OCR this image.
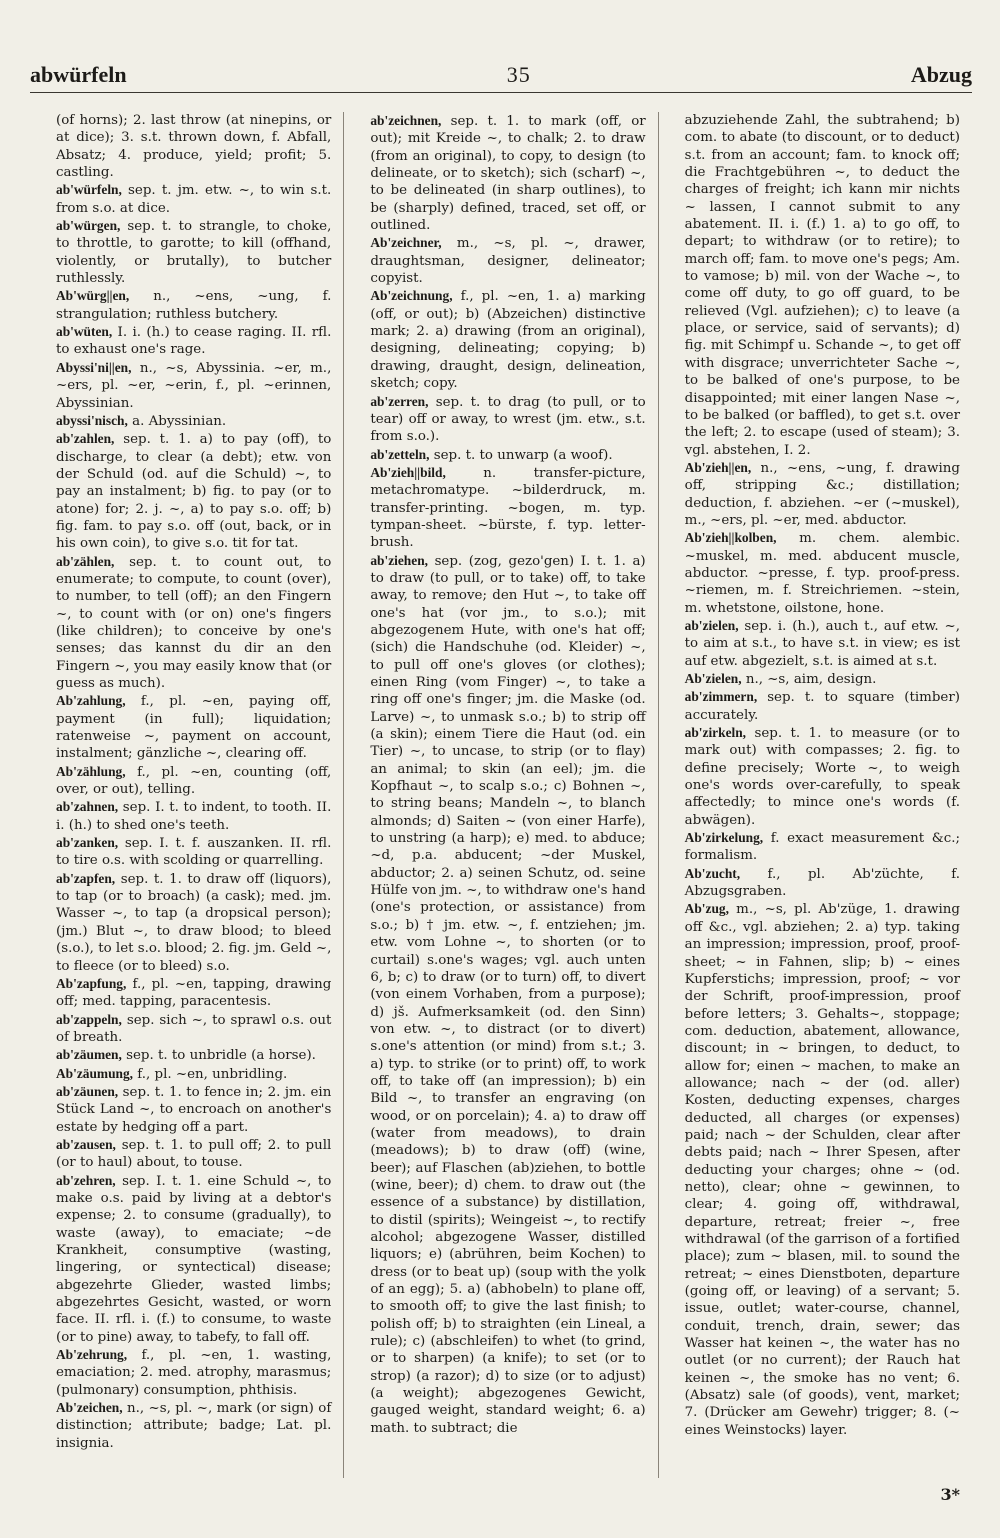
abwürfeln	35	Abzug

(of horns); 2. last throw (at ninepins, or at dice); 3. s.t. thrown down, f. Abfall, Absatz; 4. produce, yield; profit; 5. castling.

ab'würfeln, sep. t. jm. etw. ~, to win s.t. from s.o. at dice.

ab'würgen, sep. t. to strangle, to choke, to throttle, to garotte; to kill (offhand, violently, or brutally), to butcher ruthlessly.

Ab'würg||en, n., ~ens, ~ung, f. strangulation; ruthless butchery.

ab'wüten, I. i. (h.) to cease raging. II. rfl. to exhaust one's rage.

Abyssi'ni||en, n., ~s, Abyssinia. ~er, m., ~ers, pl. ~er, ~erin, f., pl. ~erinnen, Abyssinian.

abyssi'nisch, a. Abyssinian.

ab'zahlen, sep. t. 1. a) to pay (off), to discharge, to clear (a debt); etw. von der Schuld (od. auf die Schuld) ~, to pay an instalment; b) fig. to pay (or to atone) for; 2. j. ~, a) to pay s.o. off; b) fig. fam. to pay s.o. off (out, back, or in his own coin), to give s.o. tit for tat.

ab'zählen, sep. t. to count out, to enumerate; to compute, to count (over), to number, to tell (off); an den Fingern ~, to count with (or on) one's fingers (like children); to conceive by one's senses; das kannst du dir an den Fingern ~, you may easily know that (or guess as much).

Ab'zahlung, f., pl. ~en, paying off, payment (in full); liquidation; ratenweise ~, payment on account, instalment; gänzliche ~, clearing off.

Ab'zählung, f., pl. ~en, counting (off, over, or out), telling.

ab'zahnen, sep. I. t. to indent, to tooth. II. i. (h.) to shed one's teeth.

ab'zanken, sep. I. t. f. auszanken. II. rfl. to tire o.s. with scolding or quarrelling.

ab'zapfen, sep. t. 1. to draw off (liquors), to tap (or to broach) (a cask); med. jm. Wasser ~, to tap (a dropsical person); (jm.) Blut ~, to draw blood; to bleed (s.o.), to let s.o. blood; 2. fig. jm. Geld ~, to fleece (or to bleed) s.o.

Ab'zapfung, f., pl. ~en, tapping, drawing off; med. tapping, paracentesis.

ab'zappeln, sep. sich ~, to sprawl o.s. out of breath.

ab'zäumen, sep. t. to unbridle (a horse).

Ab'zäumung, f., pl. ~en, unbridling.

ab'zäunen, sep. t. 1. to fence in; 2. jm. ein Stück Land ~, to encroach on another's estate by hedging off a part.

ab'zausen, sep. t. 1. to pull off; 2. to pull (or to haul) about, to touse.

ab'zehren, sep. I. t. 1. eine Schuld ~, to make o.s. paid by living at a debtor's expense; 2. to consume (gradually), to waste (away), to emaciate; ~de Krankheit, consumptive (wasting, lingering, or syntectical) disease; abgezehrte Glieder, wasted limbs; abgezehrtes Gesicht, wasted, or worn face. II. rfl. i. (f.) to consume, to waste (or to pine) away, to tabefy, to fall off.

Ab'zehrung, f., pl. ~en, 1. wasting, emaciation; 2. med. atrophy, marasmus; (pulmonary) consumption, phthisis.

Ab'zeichen, n., ~s, pl. ~, mark (or sign) of distinction; attribute; badge; Lat. pl. insignia.

ab'zeichnen, sep. t. 1. to mark (off, or out); mit Kreide ~, to chalk; 2. to draw (from an original), to copy, to design (to delineate, or to sketch); sich (scharf) ~, to be delineated (in sharp outlines), to be (sharply) defined, traced, set off, or outlined.

Ab'zeichner, m., ~s, pl. ~, drawer, draughtsman, designer, delineator; copyist.

Ab'zeichnung, f., pl. ~en, 1. a) marking (off, or out); b) (Abzeichen) distinctive mark; 2. a) drawing (from an original), designing, delineating; copying; b) drawing, draught, design, delineation, sketch; copy.

ab'zerren, sep. t. to drag (to pull, or to tear) off or away, to wrest (jm. etw., s.t. from s.o.).

ab'zetteln, sep. t. to unwarp (a woof).

Ab'zieh||bild, n. transfer-picture, metachromatype. ~bilderdruck, m. transfer-printing. ~bogen, m. typ. tympan-sheet. ~bürste, f. typ. letter-brush.

ab'ziehen, sep. (zog, gezo'gen) I. t. 1. a) to draw (to pull, or to take) off, to take away, to remove; den Hut ~, to take off one's hat (vor jm., to s.o.); mit abgezogenem Hute, with one's hat off; (sich) die Handschuhe (od. Kleider) ~, to pull off one's gloves (or clothes); einen Ring (vom Finger) ~, to take a ring off one's finger; jm. die Maske (od. Larve) ~, to unmask s.o.; b) to strip off (a skin); einem Tiere die Haut (od. ein Tier) ~, to uncase, to strip (or to flay) an animal; to skin (an eel); jm. die Kopfhaut ~, to scalp s.o.; c) Bohnen ~, to string beans; Mandeln ~, to blanch almonds; d) Saiten ~ (von einer Harfe), to unstring (a harp); e) med. to abduce; ~d, p.a. abducent; ~der Muskel, abductor; 2. a) seinen Schutz, od. seine Hülfe von jm. ~, to withdraw one's hand (one's protection, or assistance) from s.o.; b) † jm. etw. ~, f. entziehen; jm. etw. vom Lohne ~, to shorten (or to curtail) s.one's wages; vgl. auch unten 6, b; c) to draw (or to turn) off, to divert (von einem Vorhaben, from a purpose); d) jš. Aufmerksamkeit (od. den Sinn) von etw. ~, to distract (or to divert) s.one's attention (or mind) from s.t.; 3. a) typ. to strike (or to print) off, to work off, to take off (an impression); b) ein Bild ~, to transfer an engraving (on wood, or on porcelain); 4. a) to draw off (water from meadows), to drain (meadows); b) to draw (off) (wine, beer); auf Flaschen (ab)ziehen, to bottle (wine, beer); d) chem. to draw out (the essence of a substance) by distillation, to distil (spirits); Weingeist ~, to rectify alcohol; abgezogene Wasser, distilled liquors; e) (abrühren, beim Kochen) to dress (or to beat up) (soup with the yolk of an egg); 5. a) (abhobeln) to plane off, to smooth off; to give the last finish; to polish off; b) to straighten (ein Lineal, a rule); c) (abschleifen) to whet (to grind, or to sharpen) (a knife); to set (or to strop) (a razor); d) to size (or to adjust) (a weight); abgezogenes Gewicht, gauged weight, standard weight; 6. a) math. to subtract; die

abzuziehende Zahl, the subtrahend; b) com. to abate (to discount, or to deduct) s.t. from an account; fam. to knock off; die Frachtgebühren ~, to deduct the charges of freight; ich kann mir nichts ~ lassen, I cannot submit to any abatement. II. i. (f.) 1. a) to go off, to depart; to withdraw (or to retire); to march off; fam. to move one's pegs; Am. to vamose; b) mil. von der Wache ~, to come off duty, to go off guard, to be relieved (Vgl. aufziehen); c) to leave (a place, or service, said of servants); d) fig. mit Schimpf u. Schande ~, to get off with disgrace; unverrichteter Sache ~, to be balked of one's purpose, to be disappointed; mit einer langen Nase ~, to be balked (or baffled), to get s.t. over the left; 2. to escape (used of steam); 3. vgl. abstehen, I. 2.

Ab'zieh||en, n., ~ens, ~ung, f. drawing off, stripping &c.; distillation; deduction, f. abziehen. ~er (~muskel), m., ~ers, pl. ~er, med. abductor.

Ab'zieh||kolben, m. chem. alembic. ~muskel, m. med. abducent muscle, abductor. ~presse, f. typ. proof-press. ~riemen, m. f. Streichriemen. ~stein, m. whetstone, oilstone, hone.

ab'zielen, sep. i. (h.), auch t., auf etw. ~, to aim at s.t., to have s.t. in view; es ist auf etw. abgezielt, s.t. is aimed at s.t.

Ab'zielen, n., ~s, aim, design.

ab'zimmern, sep. t. to square (timber) accurately.

ab'zirkeln, sep. t. 1. to measure (or to mark out) with compasses; 2. fig. to define precisely; Worte ~, to weigh one's words over-carefully, to speak affectedly; to mince one's words (f. abwägen).

Ab'zirkelung, f. exact measurement &c.; formalism.

Ab'zucht, f., pl. Ab'züchte, f. Abzugsgraben.

Ab'zug, m., ~s, pl. Ab'züge, 1. drawing off &c., vgl. abziehen; 2. a) typ. taking an impression; impression, proof, proof-sheet; ~ in Fahnen, slip; b) ~ eines Kupferstichs; impression, proof; ~ vor der Schrift, proof-impression, proof before letters; 3. Gehalts~, stoppage; com. deduction, abatement, allowance, discount; in ~ bringen, to deduct, to allow for; einen ~ machen, to make an allowance; nach ~ der (od. aller) Kosten, deducting expenses, charges deducted, all charges (or expenses) paid; nach ~ der Schulden, clear after debts paid; nach ~ Ihrer Spesen, after deducting your charges; ohne ~ (od. netto), clear; ohne ~ gewinnen, to clear; 4. going off, withdrawal, departure, retreat; freier ~, free withdrawal (of the garrison of a fortified place); zum ~ blasen, mil. to sound the retreat; ~ eines Dienstboten, departure (going off, or leaving) of a servant; 5. issue, outlet; water-course, channel, conduit, trench, drain, sewer; das Wasser hat keinen ~, the water has no outlet (or no current); der Rauch hat keinen ~, the smoke has no vent; 6. (Absatz) sale (of goods), vent, market; 7. (Drücker am Gewehr) trigger; 8. (~ eines Weinstocks) layer.

3*
